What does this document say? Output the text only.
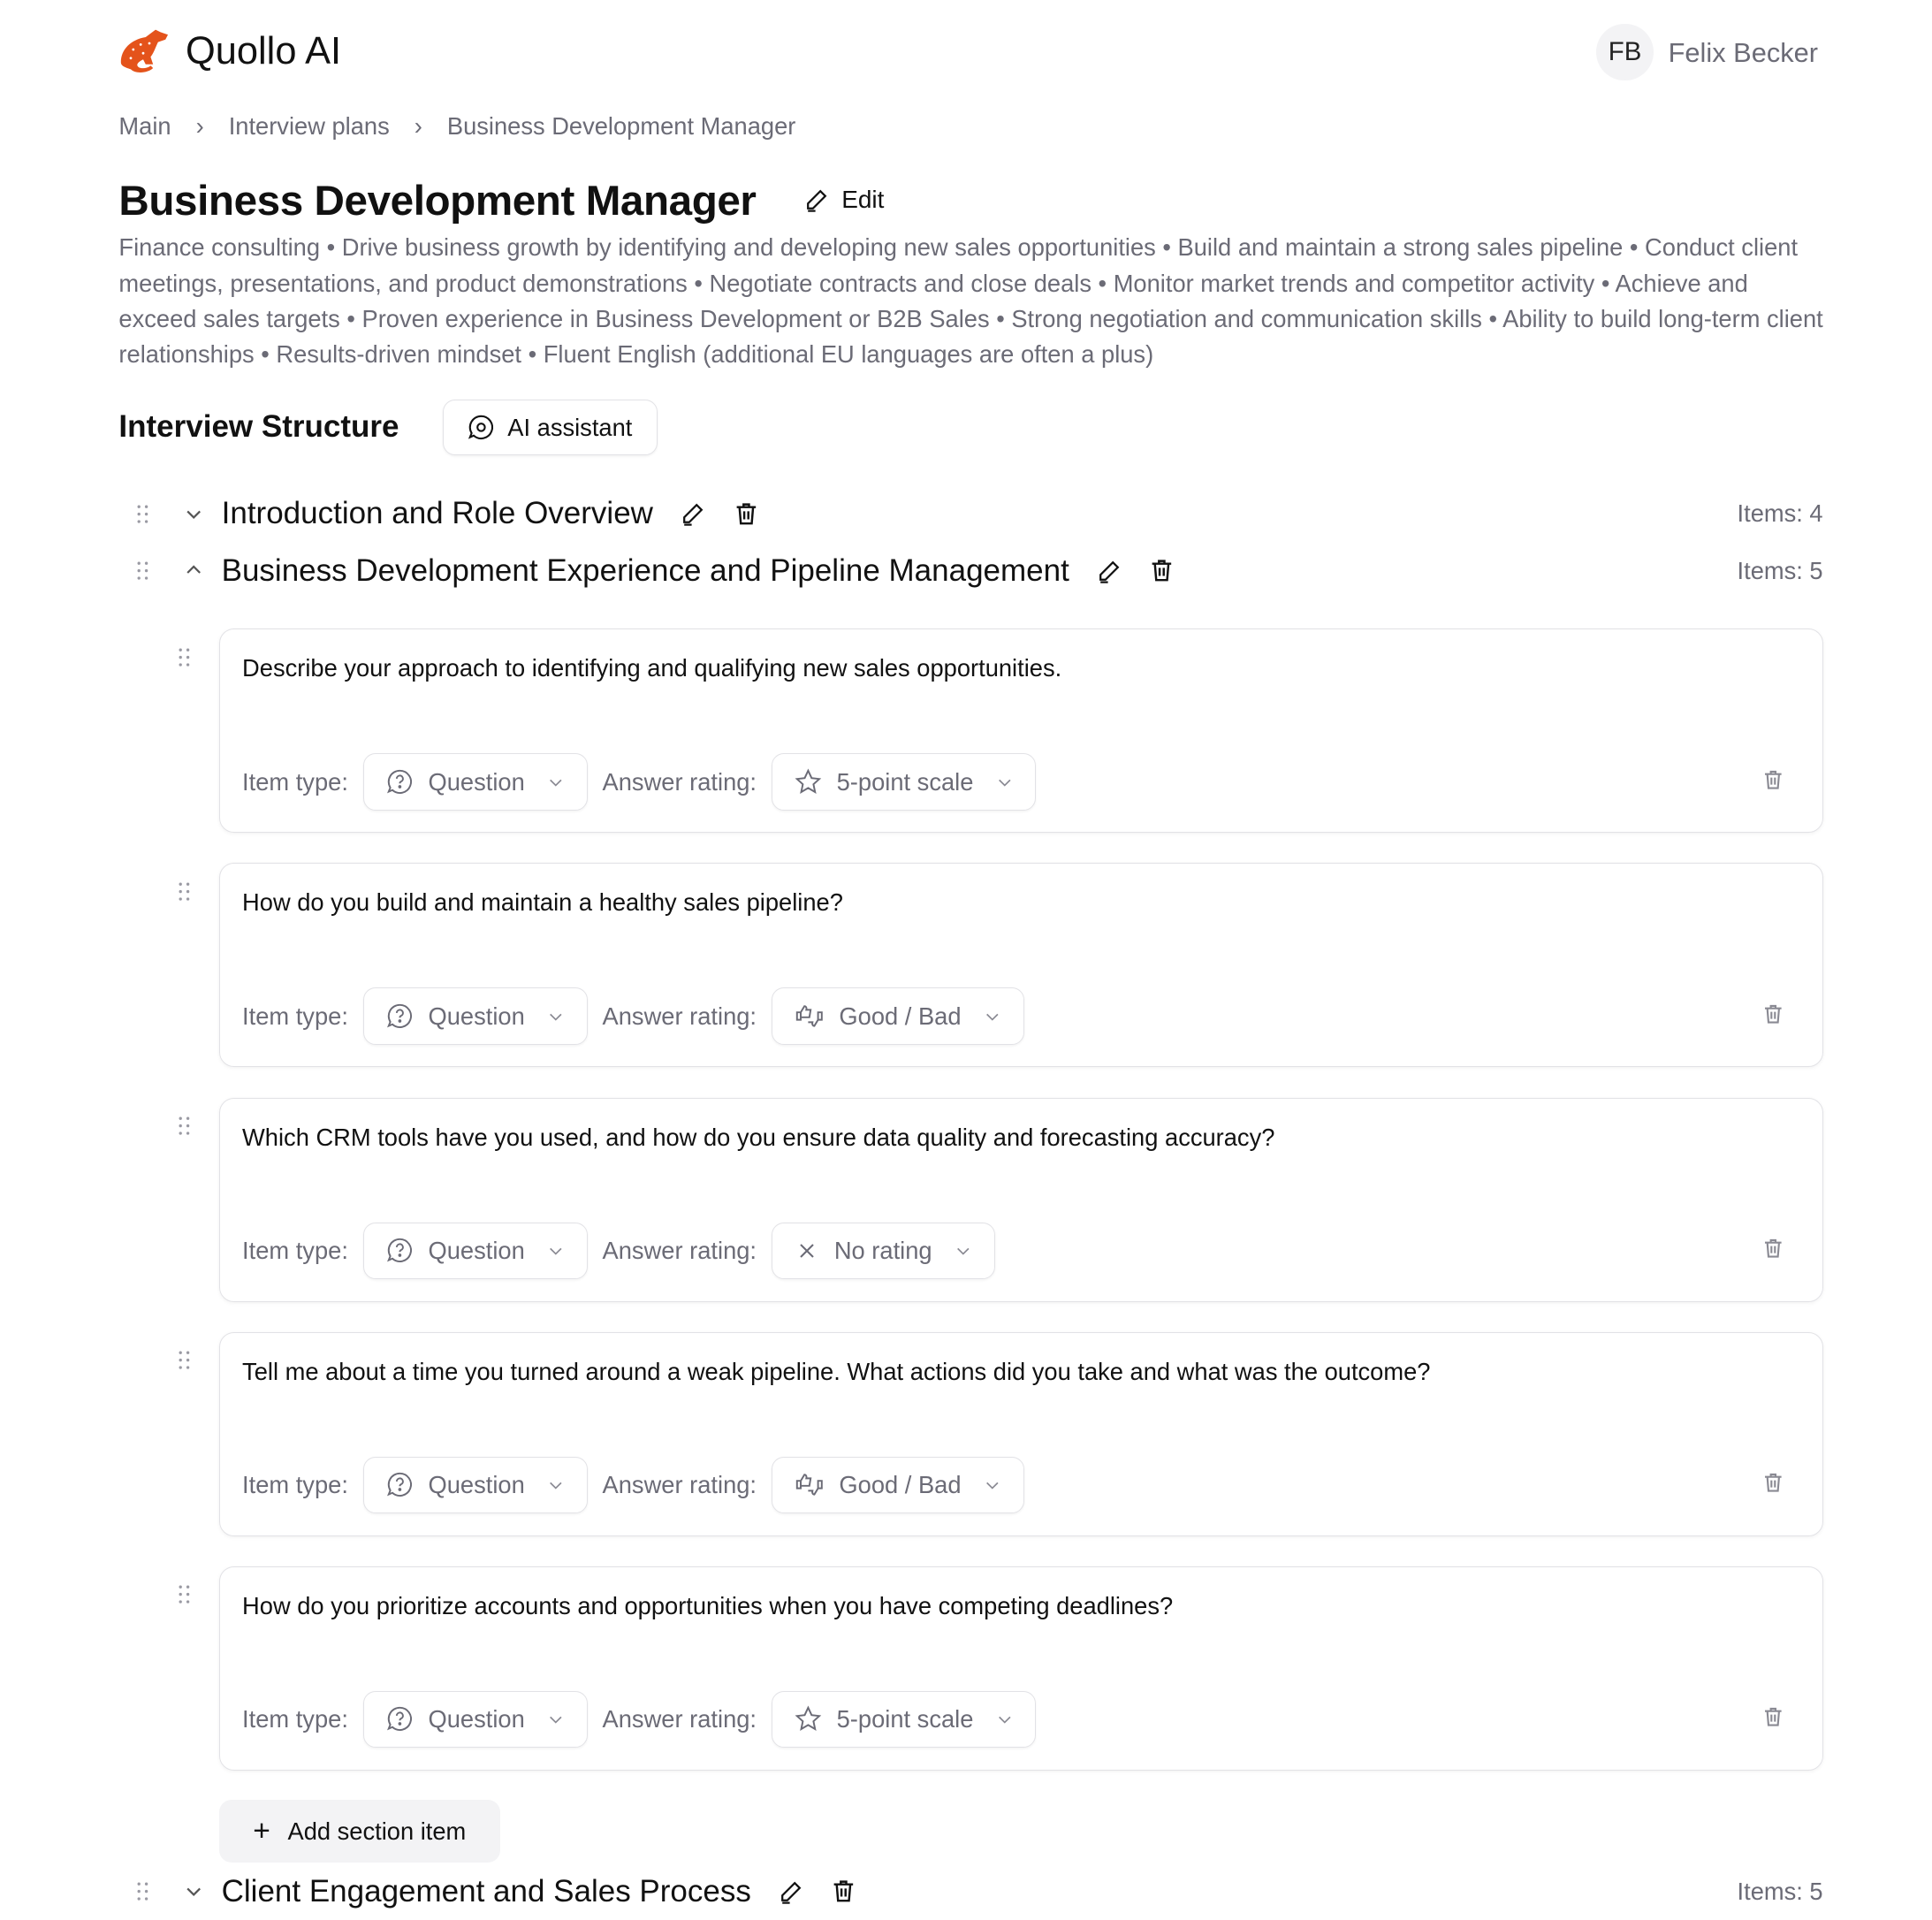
Quollo AI	FB	Felix Becker
Main › Interview plans › Business Development Manager
Business Development Manager	Edit
Finance consulting • Drive business growth by identifying and developing new sales opportunities • Build and maintain a strong sales pipeline • Conduct client meetings, presentations, and product demonstrations • Negotiate contracts and close deals • Monitor market trends and competitor activity • Achieve and exceed sales targets • Proven experience in Business Development or B2B Sales • Strong negotiation and communication skills • Ability to build long-term client relationships • Results-driven mindset • Fluent English (additional EU languages are often a plus)
Interview Structure	AI assistant
Introduction and Role Overview	Items: 4
Business Development Experience and Pipeline Management	Items: 5
Client Engagement and Sales Process	Items: 5
Describe your approach to identifying and qualifying new sales opportunities.
Item type:	Question	Answer rating:	5-point scale
How do you build and maintain a healthy sales pipeline?
Item type:	Question	Answer rating:	Good / Bad
Which CRM tools have you used, and how do you ensure data quality and forecasting accuracy?
Item type:	Question	Answer rating:	No rating
Tell me about a time you turned around a weak pipeline. What actions did you take and what was the outcome?
Item type:	Question	Answer rating:	Good / Bad
How do you prioritize accounts and opportunities when you have competing deadlines?
Item type:	Question	Answer rating:	5-point scale
+ Add section item
